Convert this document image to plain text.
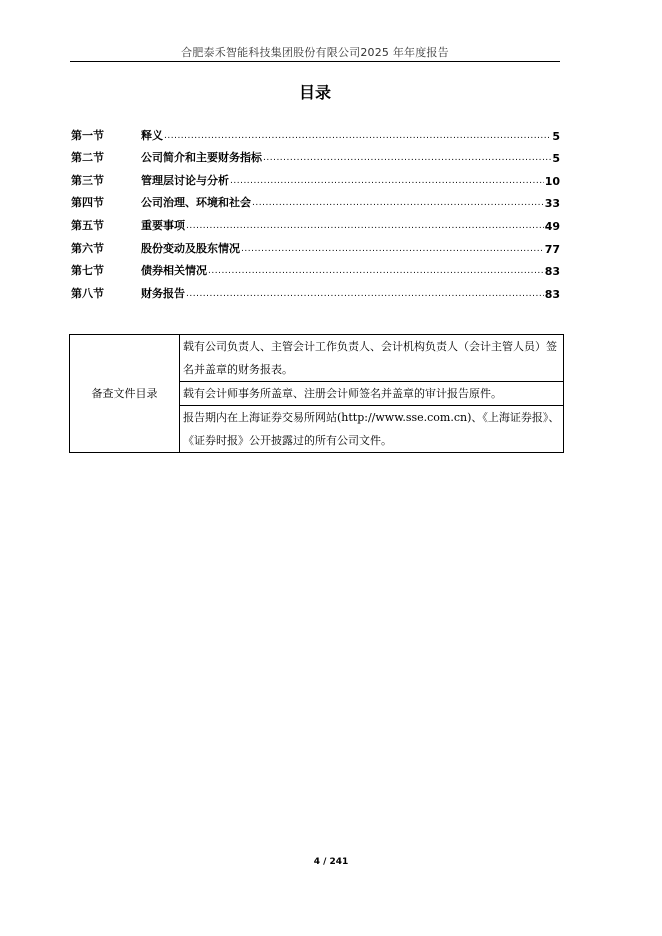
合肥泰禾智能科技集团股份有限公司2025 年年度报告
目录
第一节	释义 .....	5
第二节	公司简介和主要财务指标 .....	5
第三节	管理层讨论与分析 .....	10
第四节	公司治理、环境和社会 .....	33
第五节	重要事项 .....	49
第六节	股份变动及股东情况 .....	77
第七节	债券相关情况 .....	83
第八节	财务报告 .....	83
备查文件目录	载有公司负责人、主管会计工作负责人、会计机构负责人（会计主管人员）签名并盖章的财务报表。
载有会计师事务所盖章、注册会计师签名并盖章的审计报告原件。
报告期内在上海证券交易所网站(http://www.sse.com.cn)、《上海证券报》、《证券时报》公开披露过的所有公司文件。
4 / 241
